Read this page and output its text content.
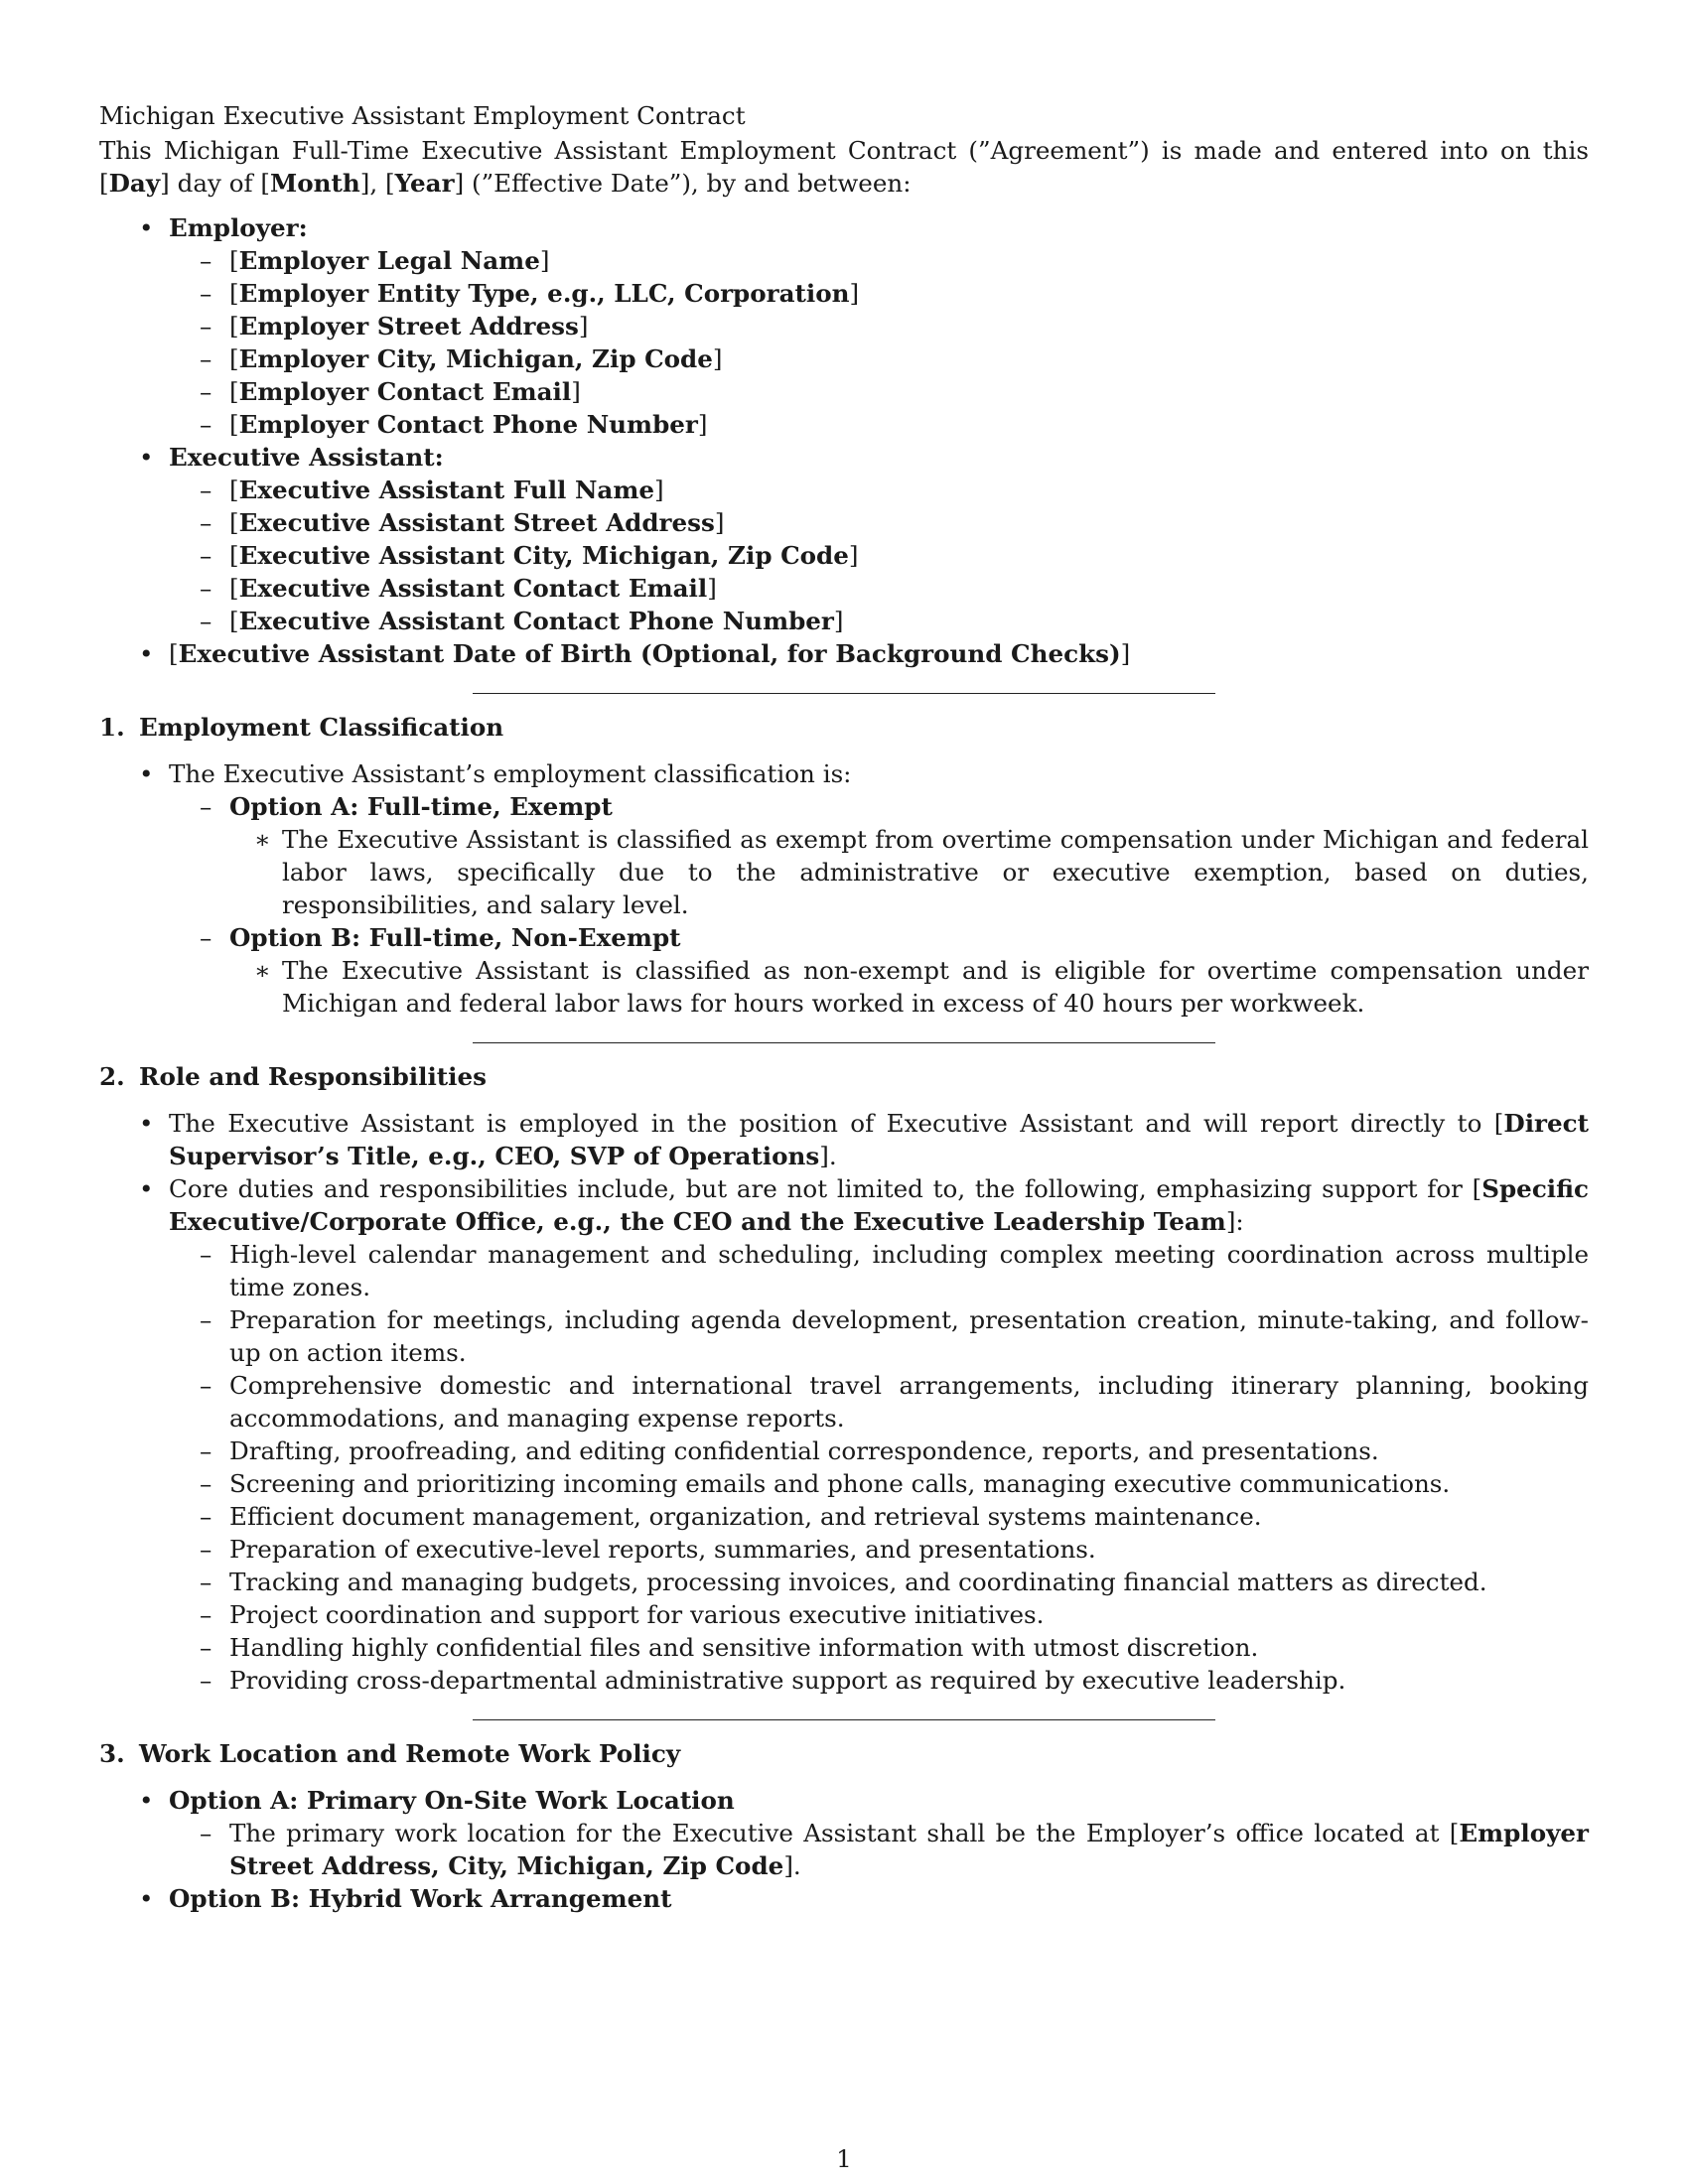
Michigan Executive Assistant Employment Contract

This Michigan Full-Time Executive Assistant Employment Contract (”Agreement”) is made and entered into on this [Day] day of [Month], [Year] (”Effective Date”), by and between:

• Employer:
– [Employer Legal Name]
– [Employer Entity Type, e.g., LLC, Corporation]
– [Employer Street Address]
– [Employer City, Michigan, Zip Code]
– [Employer Contact Email]
– [Employer Contact Phone Number]
• Executive Assistant:
– [Executive Assistant Full Name]
– [Executive Assistant Street Address]
– [Executive Assistant City, Michigan, Zip Code]
– [Executive Assistant Contact Email]
– [Executive Assistant Contact Phone Number]
• [Executive Assistant Date of Birth (Optional, for Background Checks)]

1. Employment Classification

• The Executive Assistant’s employment classification is:
– Option A: Full-time, Exempt
∗ The Executive Assistant is classified as exempt from overtime compensation under Michigan and federal labor laws, specifically due to the administrative or executive exemption, based on duties, responsibilities, and salary level.
– Option B: Full-time, Non-Exempt
∗ The Executive Assistant is classified as non-exempt and is eligible for overtime compensation under Michigan and federal labor laws for hours worked in excess of 40 hours per workweek.

2. Role and Responsibilities

• The Executive Assistant is employed in the position of Executive Assistant and will report directly to [Direct Supervisor’s Title, e.g., CEO, SVP of Operations].
• Core duties and responsibilities include, but are not limited to, the following, emphasizing support for [Specific Executive/Corporate Office, e.g., the CEO and the Executive Leadership Team]:
– High-level calendar management and scheduling, including complex meeting coordination across multiple time zones.
– Preparation for meetings, including agenda development, presentation creation, minute-taking, and follow-up on action items.
– Comprehensive domestic and international travel arrangements, including itinerary planning, booking accommodations, and managing expense reports.
– Drafting, proofreading, and editing confidential correspondence, reports, and presentations.
– Screening and prioritizing incoming emails and phone calls, managing executive communications.
– Efficient document management, organization, and retrieval systems maintenance.
– Preparation of executive-level reports, summaries, and presentations.
– Tracking and managing budgets, processing invoices, and coordinating financial matters as directed.
– Project coordination and support for various executive initiatives.
– Handling highly confidential files and sensitive information with utmost discretion.
– Providing cross-departmental administrative support as required by executive leadership.

3. Work Location and Remote Work Policy

• Option A: Primary On-Site Work Location
– The primary work location for the Executive Assistant shall be the Employer’s office located at [Employer Street Address, City, Michigan, Zip Code].
• Option B: Hybrid Work Arrangement
1
